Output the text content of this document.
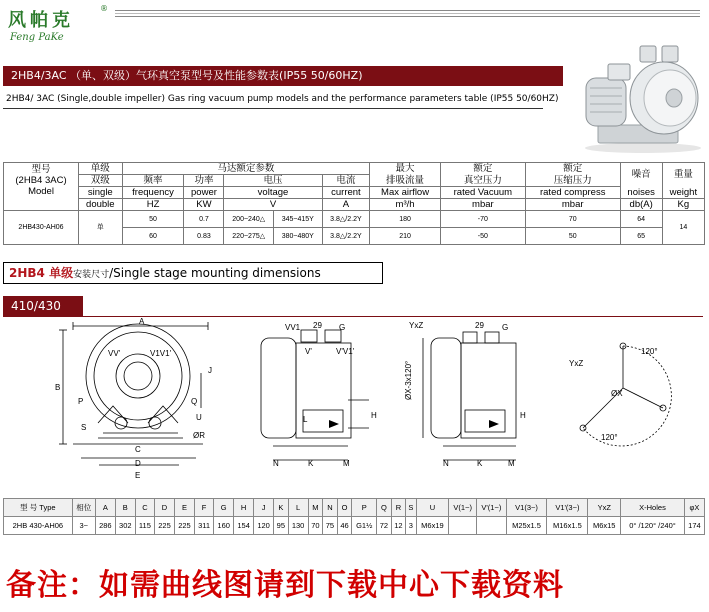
风帕克
®
Feng PaKe
2HB4/3AC （单、双级）气环真空泵型号及性能参数表(IP55 50/60HZ)
2HB4/ 3AC (Single,double impeller) Gas ring vacuum pump models and the performance parameters table (IP55 50/60HZ)
型号
(2HB4 3AC)
Model	单级	马达额定参数					最大	额定	额定	噪音	重量
	双级	频率	功率	电压		电流	排吸流量	真空压力	压缩压力		
	single	frequency	power	voltage		current	Max airflow	rated Vacuum	rated compress	noises	weight
	double	HZ	KW	V		A	m³/h	mbar	mbar	db(A)	Kg
2HB430-AH06	单	50	0.7	200~240△	345~415Y	3.8△/2.2Y	180	-70	70	64	14
		60	0.83	220~275△	380~480Y	3.8△/2.2Y	210	-50	50	65	
2HB4 单级安装尺寸/Single stage mounting dimensions
410/430
A
B
J
VV'	V1V1'
P	Q
U
ØR
S
C
D
E
VV1 29 G
V'	V'V1'
H
L
N	K	M
YxZ	29 G
ØX-3x120°
H
N	K	M
YxZ
120°
ØX
120°
型 号 Type	相位	A	B	C	D	E	F	G	H	J	K	L	M	N	O	P	Q	R	S	U	V(1~)	V'(1~)	V1(3~)	V1'(3~)	YxZ	X-Holes	φX
2HB 430-AH06	3~	286	302	115	225	225	311	160	154	120	95	130	70	75	46	G1½	72	12	3	M6x19			M25x1.5	M16x1.5	M6x15	0° /120° /240°	174
备注：如需曲线图请到下载中心下载资料
